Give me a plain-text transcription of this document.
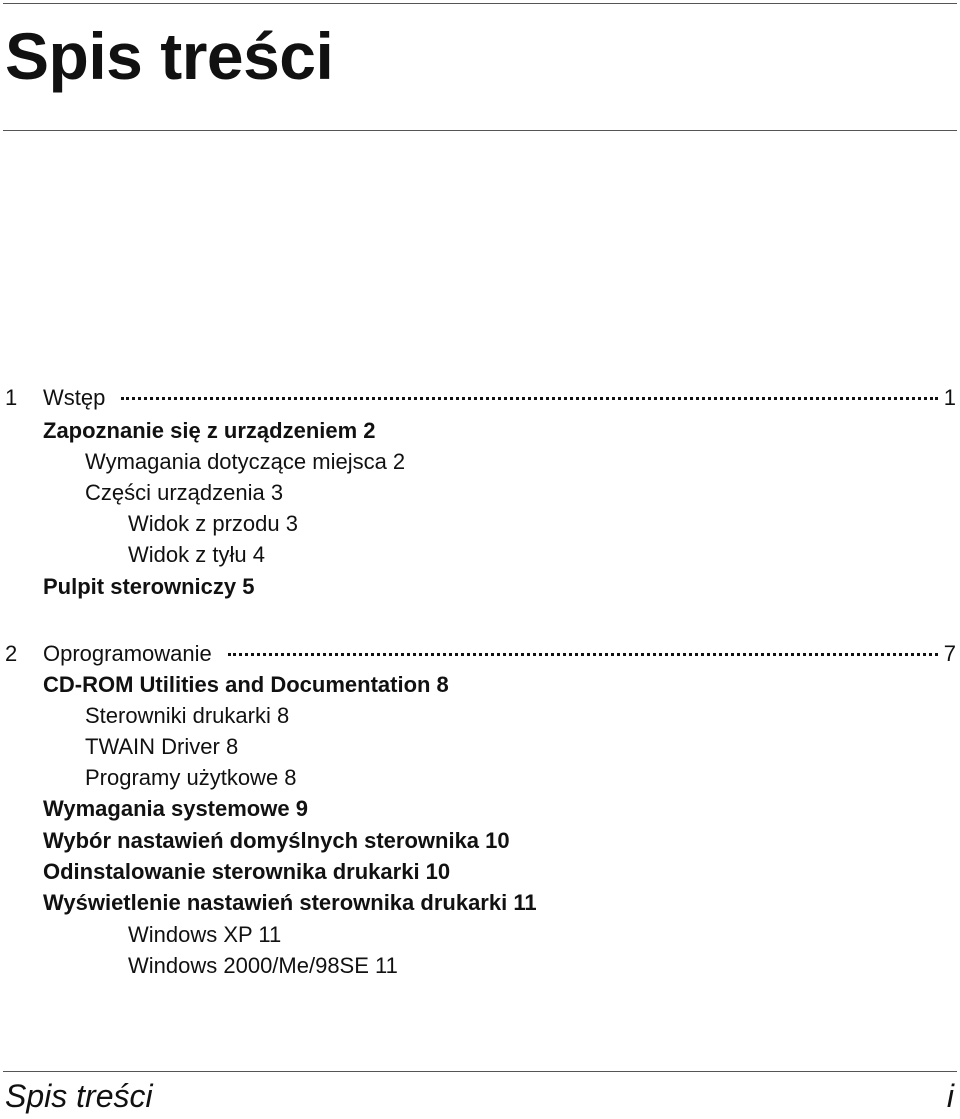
Spis treści
1	Wstęp	1
Zapoznanie się z urządzeniem 2
Wymagania dotyczące miejsca 2
Części urządzenia 3
Widok z przodu 3
Widok z tyłu 4
Pulpit sterowniczy 5
2	Oprogramowanie	7
CD-ROM Utilities and Documentation 8
Sterowniki drukarki 8
TWAIN Driver 8
Programy użytkowe 8
Wymagania systemowe 9
Wybór nastawień domyślnych sterownika 10
Odinstalowanie sterownika drukarki 10
Wyświetlenie nastawień sterownika drukarki 11
Windows XP 11
Windows 2000/Me/98SE 11
Spis treści	i
